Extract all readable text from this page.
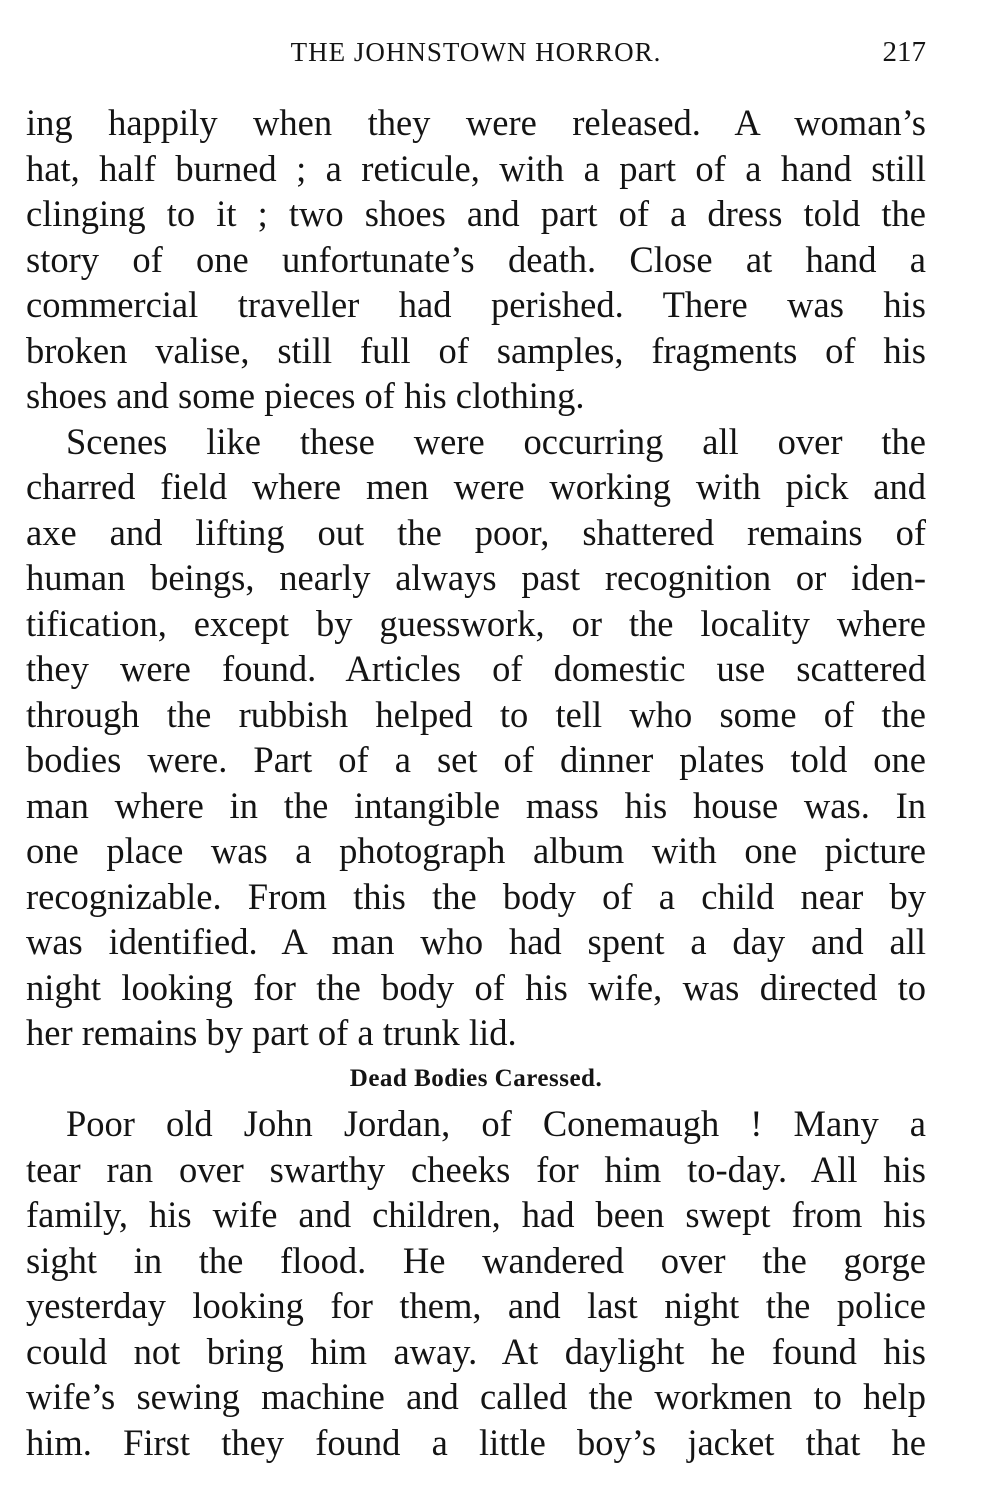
THE JOHNSTOWN HORROR.	217
ing happily when they were released. A woman’s
hat, half burned ; a reticule, with a part of a hand still
clinging to it ; two shoes and part of a dress told the
story of one unfortunate’s death. Close at hand a
commercial traveller had perished. There was his
broken valise, still full of samples, fragments of his
shoes and some pieces of his clothing.
Scenes like these were occurring all over the
charred field where men were working with pick and
axe and lifting out the poor, shattered remains of
human beings, nearly always past recognition or iden-
tification, except by guesswork, or the locality where
they were found. Articles of domestic use scattered
through the rubbish helped to tell who some of the
bodies were. Part of a set of dinner plates told one
man where in the intangible mass his house was. In
one place was a photograph album with one picture
recognizable. From this the body of a child near by
was identified. A man who had spent a day and all
night looking for the body of his wife, was directed to
her remains by part of a trunk lid.
Dead Bodies Caressed.
Poor old John Jordan, of Conemaugh ! Many a
tear ran over swarthy cheeks for him to-day. All his
family, his wife and children, had been swept from his
sight in the flood. He wandered over the gorge
yesterday looking for them, and last night the police
could not bring him away. At daylight he found his
wife’s sewing machine and called the workmen to help
him. First they found a little boy’s jacket that he
